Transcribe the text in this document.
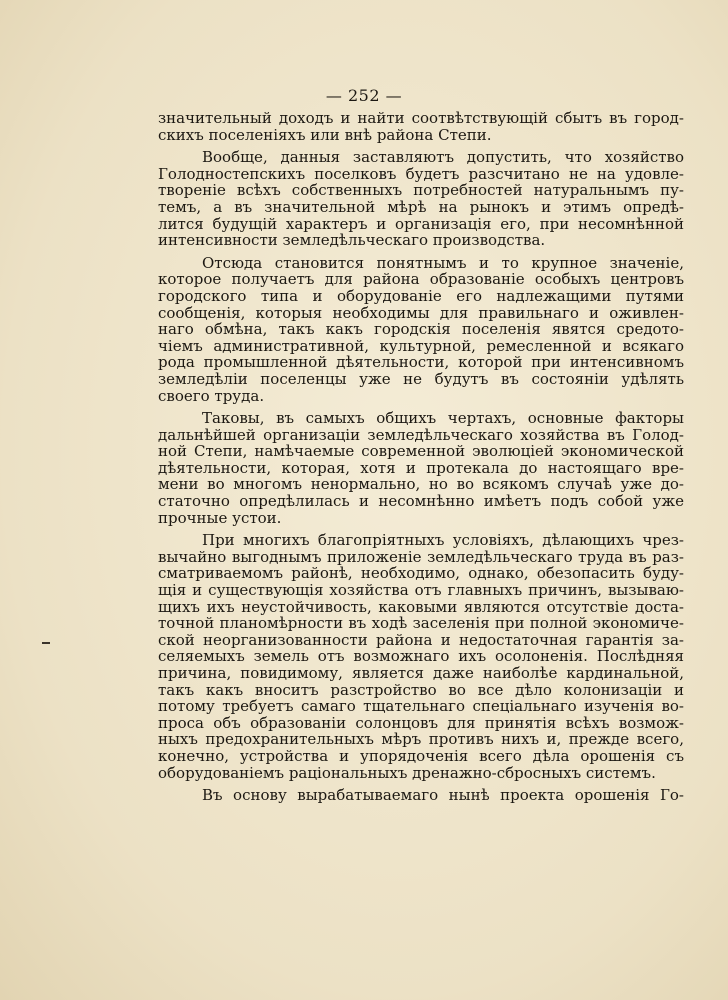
— 252 —

значительный доходъ и найти соотвѣтствующій сбытъ въ город-
скихъ поселеніяхъ или внѣ района Степи.

Вообще, данныя заставляютъ допустить, что хозяйство
Голодностепскихъ поселковъ будетъ разсчитано не на удовле-
твореніе всѣхъ собственныхъ потребностей натуральнымъ пу-
темъ, а въ значительной мѣрѣ на рынокъ и этимъ опредѣ-
лится будущій характеръ и организація его, при несомнѣнной
интенсивности земледѣльческаго производства.

Отсюда становится понятнымъ и то крупное значеніе,
которое получаетъ для района образованіе особыхъ центровъ
городского типа и оборудованіе его надлежащими путями
сообщенія, которыя необходимы для правильнаго и оживлен-
наго обмѣна, такъ какъ городскія поселенія явятся средото-
чіемъ административной, культурной, ремесленной и всякаго
рода промышленной дѣятельности, которой при интенсивномъ
земледѣліи поселенцы уже не будутъ въ состояніи удѣлять
своего труда.

Таковы, въ самыхъ общихъ чертахъ, основные факторы
дальнѣйшей организаціи земледѣльческаго хозяйства въ Голод-
ной Степи, намѣчаемые современной эволюціей экономической
дѣятельности, которая, хотя и протекала до настоящаго вре-
мени во многомъ ненормально, но во всякомъ случаѣ уже до-
статочно опредѣлилась и несомнѣнно имѣетъ подъ собой уже
прочные устои.

При многихъ благопріятныхъ условіяхъ, дѣлающихъ чрез-
вычайно выгоднымъ приложеніе земледѣльческаго труда въ раз-
сматриваемомъ районѣ, необходимо, однако, обезопасить буду-
щія и существующія хозяйства отъ главныхъ причинъ, вызываю-
щихъ ихъ неустойчивость, каковыми являются отсутствіе доста-
точной планомѣрности въ ходѣ заселенія при полной экономиче-
ской неорганизованности района и недостаточная гарантія за-
селяемыхъ земель отъ возможнаго ихъ осолоненія. Послѣдняя
причина, повидимому, является даже наиболѣе кардинальной,
такъ какъ вноситъ разстройство во все дѣло колонизаціи и
потому требуетъ самаго тщательнаго спеціальнаго изученія во-
проса объ образованіи солонцовъ для принятія всѣхъ возмож-
ныхъ предохранительныхъ мѣръ противъ нихъ и, прежде всего,
конечно, устройства и упорядоченія всего дѣла орошенія съ
оборудованіемъ раціональныхъ дренажно-сбросныхъ системъ.

Въ основу вырабатываемаго нынѣ проекта орошенія Го-
